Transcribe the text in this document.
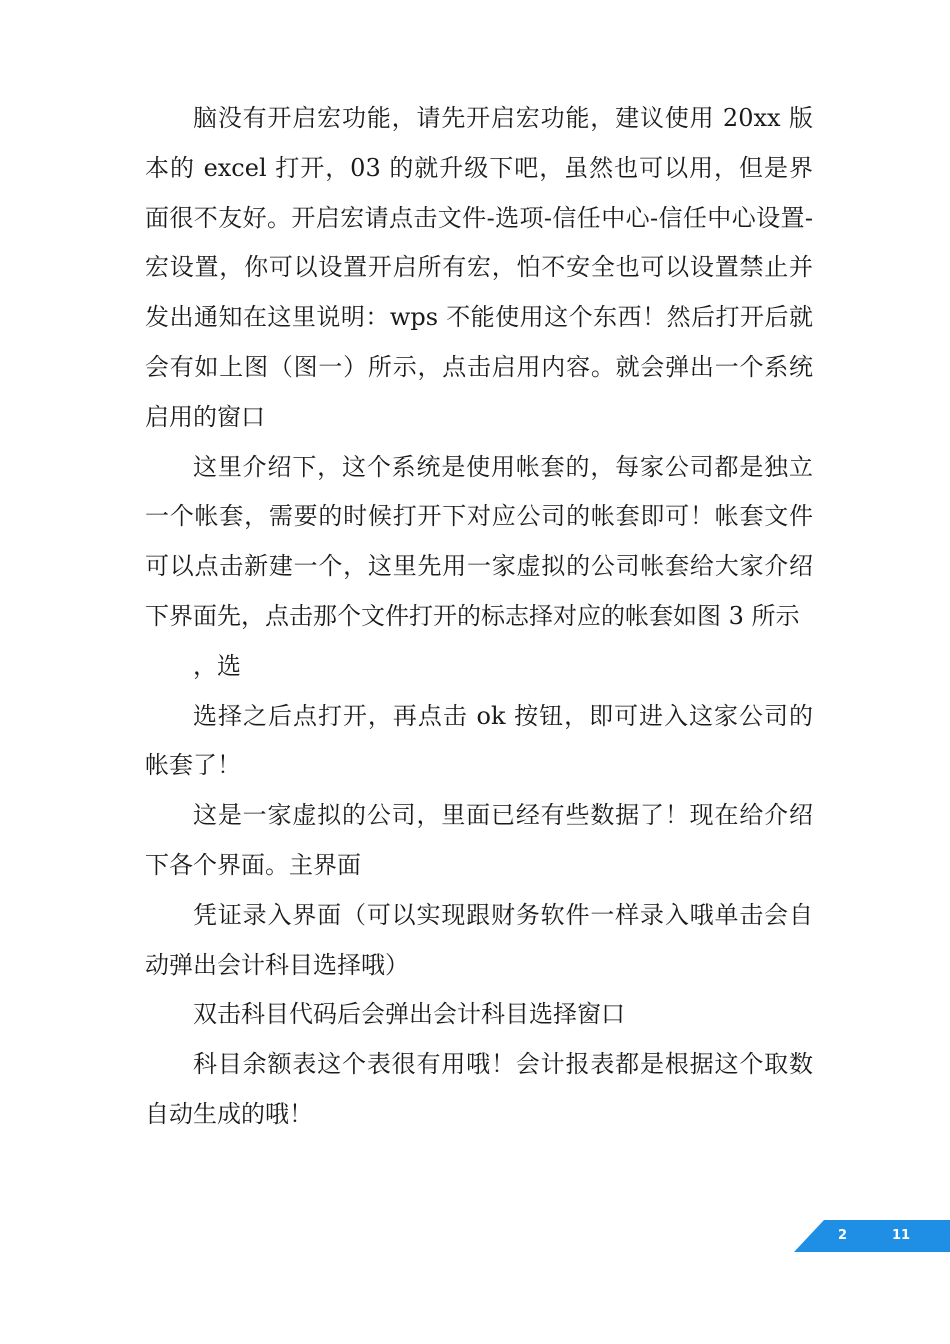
脑没有开启宏功能，请先开启宏功能，建议使用 20xx 版本的 excel 打开，03 的就升级下吧，虽然也可以用，但是界面很不友好。开启宏请点击文件-选项-信任中心-信任中心设置-宏设置，你可以设置开启所有宏，怕不安全也可以设置禁止并发出通知在这里说明：wps 不能使用这个东西！然后打开后就会有如上图（图一）所示，点击启用内容。就会弹出一个系统启用的窗口

这里介绍下，这个系统是使用帐套的，每家公司都是独立一个帐套，需要的时候打开下对应公司的帐套即可！帐套文件可以点击新建一个，这里先用一家虚拟的公司帐套给大家介绍下界面先，点击那个文件打开的标志择对应的帐套如图 3 所示

，选

选择之后点打开，再点击 ok 按钮，即可进入这家公司的帐套了！

这是一家虚拟的公司，里面已经有些数据了！现在给介绍下各个界面。主界面

凭证录入界面（可以实现跟财务软件一样录入哦单击会自动弹出会计科目选择哦）

双击科目代码后会弹出会计科目选择窗口

科目余额表这个表很有用哦！会计报表都是根据这个取数自动生成的哦！

2	11
